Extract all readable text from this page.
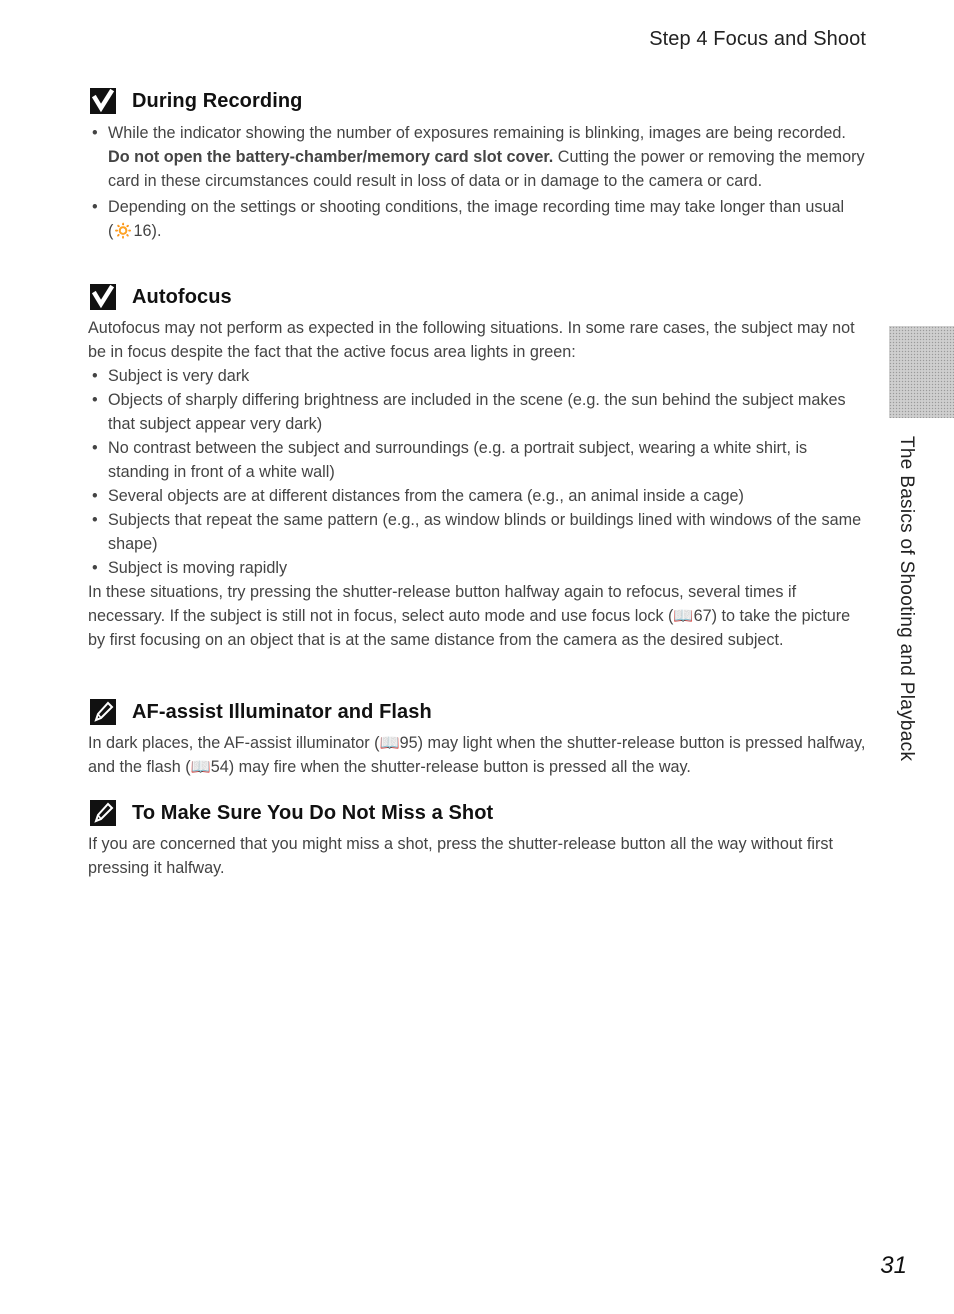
Step 4 Focus and Shoot
During Recording
• While the indicator showing the number of exposures remaining is blinking, images are being recorded. Do not open the battery-chamber/memory card slot cover. Cutting the power or removing the memory card in these circumstances could result in loss of data or in damage to the camera or card.
• Depending on the settings or shooting conditions, the image recording time may take longer than usual (🔅16).
Autofocus

Autofocus may not perform as expected in the following situations. In some rare cases, the subject may not be in focus despite the fact that the active focus area lights in green:

• Subject is very dark
• Objects of sharply differing brightness are included in the scene (e.g. the sun behind the subject makes that subject appear very dark)
• No contrast between the subject and surroundings (e.g. a portrait subject, wearing a white shirt, is standing in front of a white wall)
• Several objects are at different distances from the camera (e.g., an animal inside a cage)
• Subjects that repeat the same pattern (e.g., as window blinds or buildings lined with windows of the same shape)
• Subject is moving rapidly

In these situations, try pressing the shutter-release button halfway again to refocus, several times if necessary. If the subject is still not in focus, select auto mode and use focus lock (📖67) to take the picture by first focusing on an object that is at the same distance from the camera as the desired subject.

AF-assist Illuminator and Flash

In dark places, the AF-assist illuminator (📖95) may light when the shutter-release button is pressed halfway, and the flash (📖54) may fire when the shutter-release button is pressed all the way.

To Make Sure You Do Not Miss a Shot

If you are concerned that you might miss a shot, press the shutter-release button all the way without first pressing it halfway.

The Basics of Shooting and Playback
31
